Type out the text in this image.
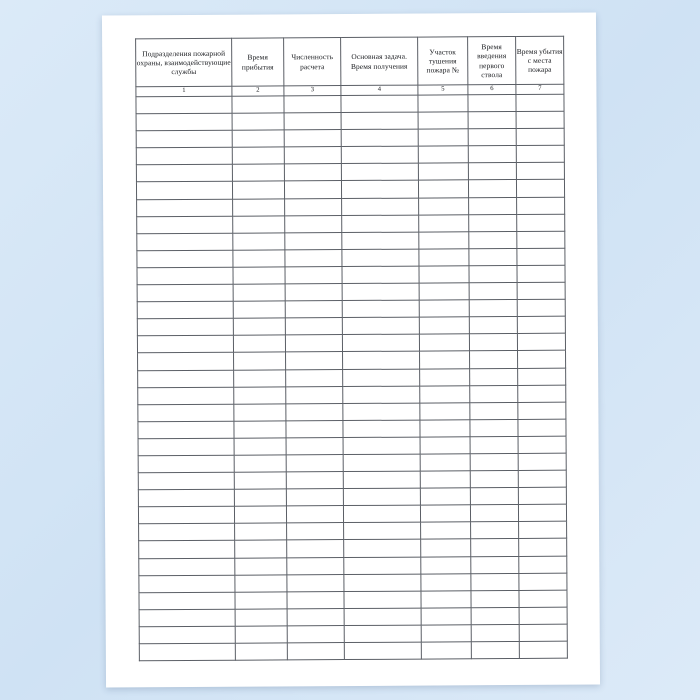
Подразделения пожарной охраны, взаимодействующие службы	Время прибытия	Численность расчета	Основная задача. Время получения	Участок тушения пожара №	Время введения первого ствола	Время убытия с места пожара
1	2	3	4	5	6	7
